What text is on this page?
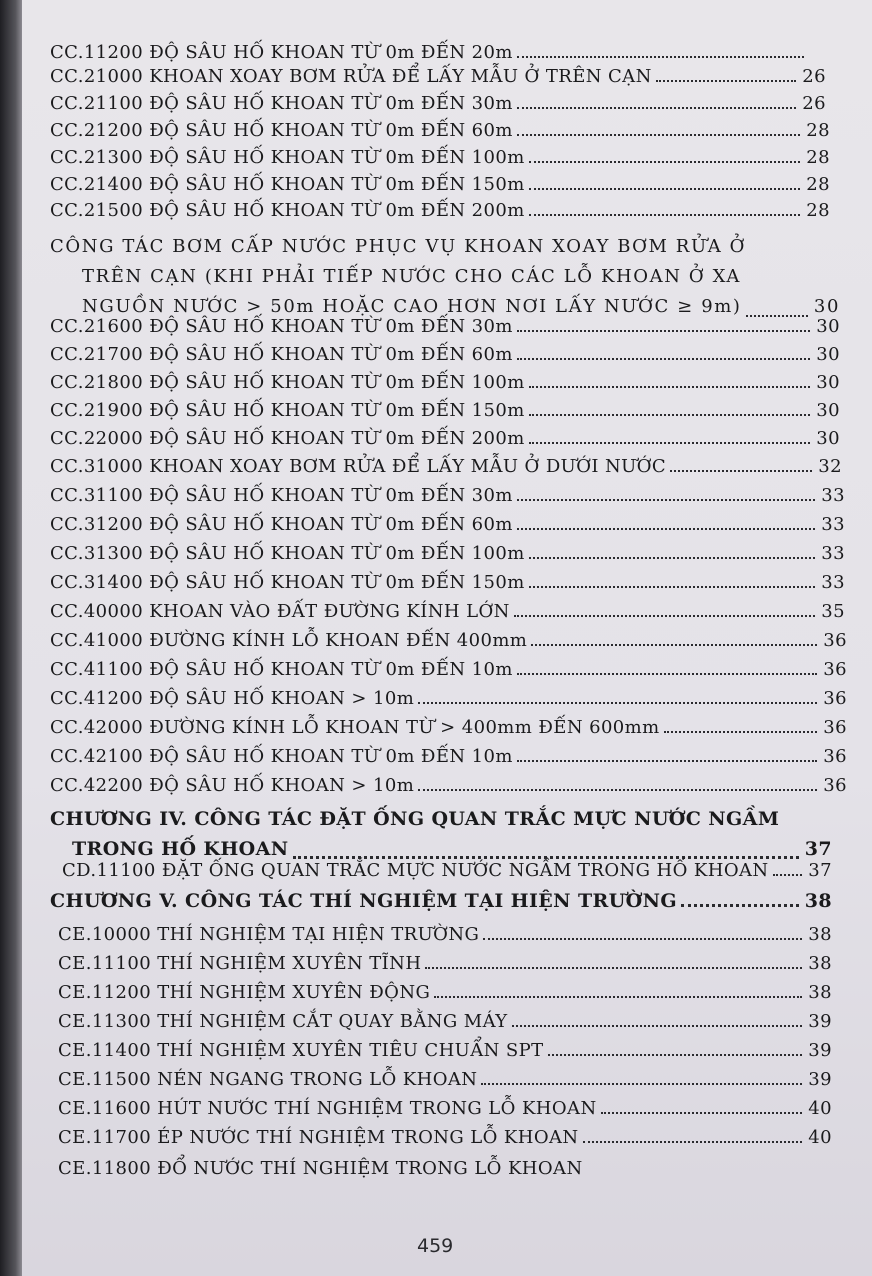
CC.11200 ĐỘ SÂU HỐ KHOAN TỪ 0m ĐẾN 20m
CC.21000 KHOAN XOAY BƠM RỬA ĐỂ LẤY MẪU Ở TRÊN CẠN	26
CC.21100 ĐỘ SÂU HỐ KHOAN TỪ 0m ĐẾN 30m	26
CC.21200 ĐỘ SÂU HỐ KHOAN TỪ 0m ĐẾN 60m	28
CC.21300 ĐỘ SÂU HỐ KHOAN TỪ 0m ĐẾN 100m	28
CC.21400 ĐỘ SÂU HỐ KHOAN TỪ 0m ĐẾN 150m	28
CC.21500 ĐỘ SÂU HỐ KHOAN TỪ 0m ĐẾN 200m	28
CÔNG TÁC BƠM CẤP NƯỚC PHỤC VỤ KHOAN XOAY BƠM RỬA Ở
TRÊN CẠN (KHI PHẢI TIẾP NƯỚC CHO CÁC LỖ KHOAN Ở XA
NGUỒN NƯỚC > 50m HOẶC CAO HƠN NƠI LẤY NƯỚC ≥ 9m)	30
CC.21600 ĐỘ SÂU HỐ KHOAN TỪ 0m ĐẾN 30m	30
CC.21700 ĐỘ SÂU HỐ KHOAN TỪ 0m ĐẾN 60m	30
CC.21800 ĐỘ SÂU HỐ KHOAN TỪ 0m ĐẾN 100m	30
CC.21900 ĐỘ SÂU HỐ KHOAN TỪ 0m ĐẾN 150m	30
CC.22000 ĐỘ SÂU HỐ KHOAN TỪ 0m ĐẾN 200m	30
CC.31000 KHOAN XOAY BƠM RỬA ĐỂ LẤY MẪU Ở DƯỚI NƯỚC	32
CC.31100 ĐỘ SÂU HỐ KHOAN TỪ 0m ĐẾN 30m	33
CC.31200 ĐỘ SÂU HỐ KHOAN TỪ 0m ĐẾN 60m	33
CC.31300 ĐỘ SÂU HỐ KHOAN TỪ 0m ĐẾN 100m	33
CC.31400 ĐỘ SÂU HỐ KHOAN TỪ 0m ĐẾN 150m	33
CC.40000 KHOAN VÀO ĐẤT ĐƯỜNG KÍNH LỚN	35
CC.41000 ĐƯỜNG KÍNH LỖ KHOAN ĐẾN 400mm	36
CC.41100 ĐỘ SÂU HỐ KHOAN TỪ 0m ĐẾN 10m	36
CC.41200 ĐỘ SÂU HỐ KHOAN > 10m	36
CC.42000 ĐƯỜNG KÍNH LỖ KHOAN TỪ > 400mm ĐẾN 600mm	36
CC.42100 ĐỘ SÂU HỐ KHOAN TỪ 0m ĐẾN 10m	36
CC.42200 ĐỘ SÂU HỐ KHOAN > 10m	36
CHƯƠNG IV. CÔNG TÁC ĐẶT ỐNG QUAN TRẮC MỰC NƯỚC NGẦM
TRONG HỐ KHOAN	37
CD.11100 ĐẶT ỐNG QUAN TRẮC MỰC NƯỚC NGẦM TRONG HỐ KHOAN 37
CHƯƠNG V. CÔNG TÁC THÍ NGHIỆM TẠI HIỆN TRƯỜNG	38
CE.10000 THÍ NGHIỆM TẠI HIỆN TRƯỜNG	38
CE.11100 THÍ NGHIỆM XUYÊN TĨNH	38
CE.11200 THÍ NGHIỆM XUYÊN ĐỘNG	38
CE.11300 THÍ NGHIỆM CẮT QUAY BẰNG MÁY	39
CE.11400 THÍ NGHIỆM XUYÊN TIÊU CHUẨN SPT	39
CE.11500 NÉN NGANG TRONG LỖ KHOAN	39
CE.11600 HÚT NƯỚC THÍ NGHIỆM TRONG LỖ KHOAN	40
CE.11700 ÉP NƯỚC THÍ NGHIỆM TRONG LỖ KHOAN	40
CE.11800 ĐỔ NƯỚC THÍ NGHIỆM TRONG LỖ KHOAN
459
